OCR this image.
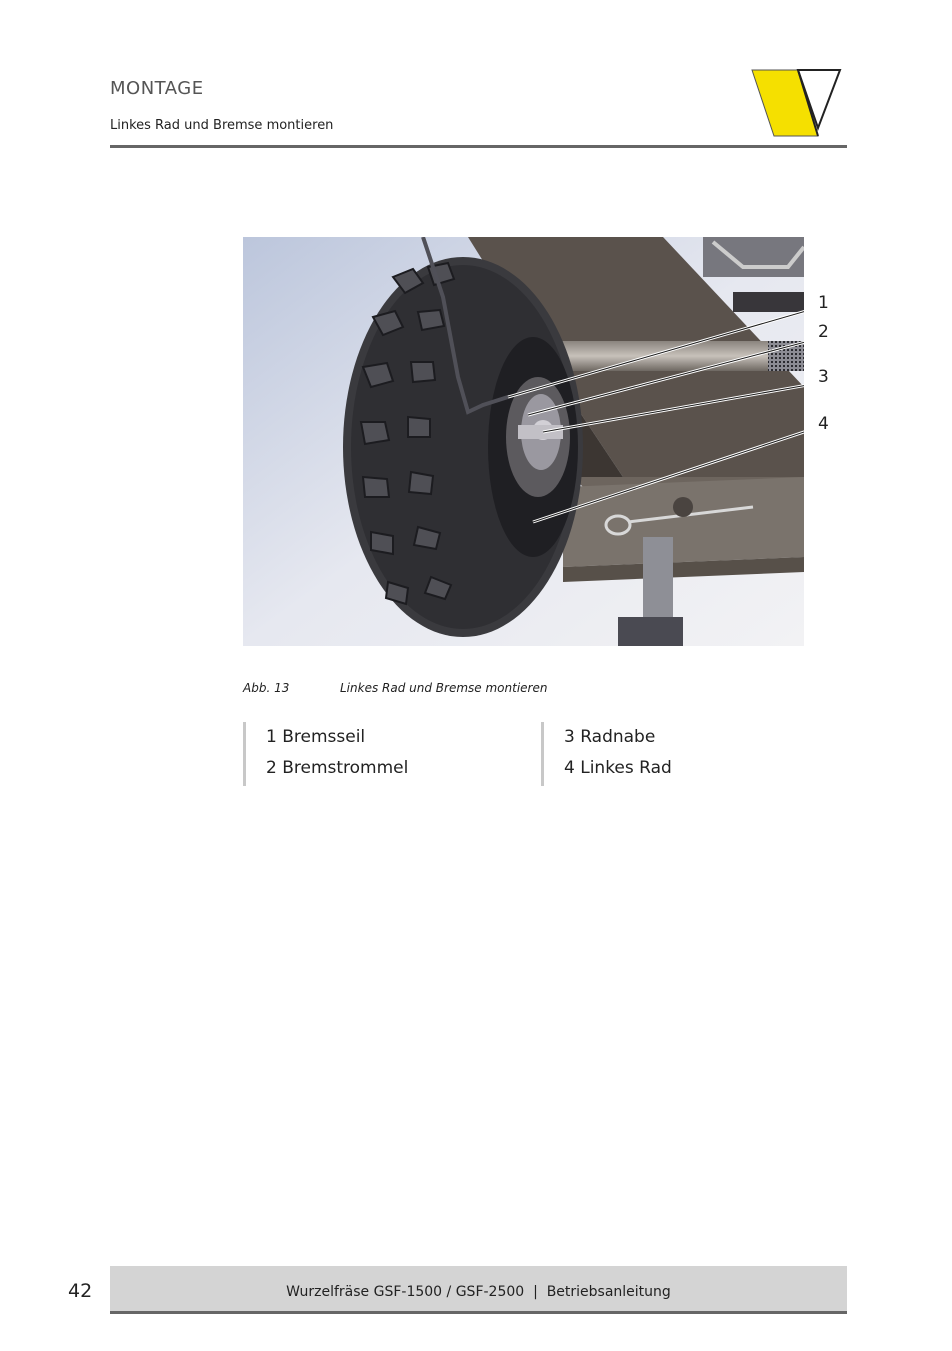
MONTAGE
Linkes Rad und Bremse montieren
1
2
3
4
Abb. 13	Linkes Rad und Bremse montieren
1 Bremsseil
2 Bremstrommel
3 Radnabe
4 Linkes Rad
42	Wurzelfräse GSF-1500 / GSF-2500  |  Betriebsanleitung
